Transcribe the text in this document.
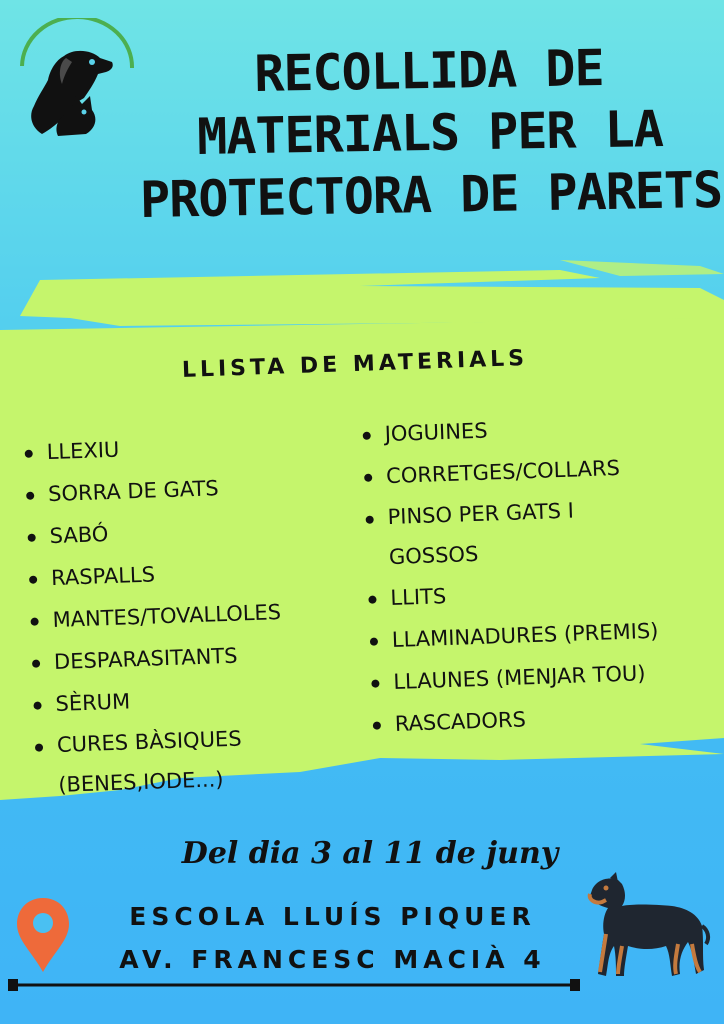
RECOLLIDA DE
MATERIALS PER LA
PROTECTORA DE PARETS
LLISTA DE MATERIALS
LLEXIU
SORRA DE GATS
SABÓ
RASPALLS
MANTES/TOVALLOLES
DESPARASITANTS
SÈRUM
CURES BÀSIQUES
(BENES,IODE...)
JOGUINES
CORRETGES/COLLARS
PINSO PER GATS I
GOSSOS
LLITS
LLAMINADURES (PREMIS)
LLAUNES (MENJAR TOU)
RASCADORS
Del dia 3 al 11 de juny
ESCOLA LLUÍS PIQUER
AV. FRANCESC MACIÀ 4
